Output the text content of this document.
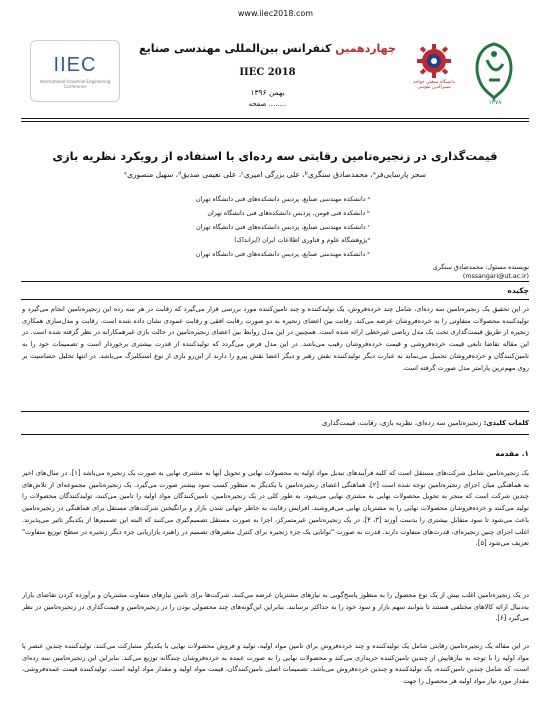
www.iiec2018.com
IIEC
International Industrial Engineering Conference
چهاردهمین کنفرانس بین‌المللی مهندسی صنایع
IIEC 2018
بهمن ۱۳۹۶
صفحه ........
دانشگاه صنعتی خواجه نصیرالدین طوسی
۱۳۷۸
قیمت‌گذاری در زنجیره‌تامین رقابتی سه رده‌ای با استفاده از رویکرد نظریه بازی
سحر پارسایی‌فرᵃ، محمدصادق سنگریᵇ، علی بزرگی امیریᶜ، علی نعیمی صدیقᵈ، سهیل منصوریᵉ
ᵃ دانشکده مهندسی صنایع، پردیس دانشکده‌های فنی دانشگاه تهران
ᵇ دانشکده فنی فومن، پردیس دانشکده‌های فنی دانشگاه تهران
ᶜ دانشکده مهندسی صنایع، پردیس دانشکده‌های فنی دانشگاه تهران
ᵈپژوهشگاه علوم و فناوری اطلاعات ایران (ایرانداک)
ᵉ دانشکده مهندسی صنایع، پردیس دانشکده‌های فنی دانشگاه تهران
نویسنده مسئول: محمدصادق سنگری
(mssangari@ut.ac.ir)
چکیده
در این تحقیق یک زنجیره‌تامین سه رده‌ای، شامل چند خرده‌فروش، یک تولیدکننده و چند تامین‌کننده مورد بررسی قرار می‌گیرد که رقابت در هر سه رده این زنجیره‌تامین انجام می‌گیرد و تولیدکننده محصولات متفاوتی را به خرده‌فروشان عرضه می‌کند. رقابت بین اعضای زنجیره به دو صورت رقابت افقی و رقابت عمودی نشان داده شده است. رقابت و مدل‌سازی همکاری زنجیره از طریق قیمت‌گذاری تحت یک مدل ریاضی غیرخطی ارائه شده است. همچنین در این مدل روابط بین اعضای زنجیره‌تامین در حالت بازی غیرهمکارانه در نظر گرفته شده است. در این مقاله تقاضا تابعی قیمت خرده‌فروشی و قیمت خرده‌فروشان رقیب می‌باشد. در این مدل فرض می‌گردد که تولیدکننده از قدرت بیشتری برخوردار است و تصمیمات خود را به تامین‌کنندگان و خرده‌فروشان تحمیل می‌نماید به عبارت دیگر تولیدکننده نقش رهبر و دیگر اعضا نقش پیرو را دارند از این‌رو بازی از نوع استکلبرگ می‌باشد. در انتها تحلیل حساسیت بر روی مهم‌ترین پارامتر مدل صورت گرفته است.
کلمات کلیدی: زنجیره‌تامین سه رده‌ای، نظریه بازی، رقابت، قیمت‌گذاری
۱. مقدمه
یک زنجیره‌تامین شامل شرکت‌های مستقل است که کلیه فرآیندهای تبدیل مواد اولیه به محصولات نهایی و تحویل آنها به مشتری نهایی به صورت یک زنجیره می‌باشد [۱]. در سال‌های اخیر به هماهنگی میان اجزای زنجیره‌تامین توجه شده است [۲]. هماهنگی اعضای زنجیره‌تامین با یکدیگر به منظور کسب سود بیشتر صورت می‌گیرد. یک زنجیره‌تامین مجموعه‌ای از تلاش‌های چندین شرکت است که منجر به تحویل محصولات نهایی به مشتری نهایی می‌شود. به طور کلی در یک زنجیره‌تامین، تامین‌کنندگان مواد اولیه را تامین می‌کنند، تولیدکنندگان محصولات را تولید می‌کنند و خرده‌فروشان محصولات نهایی را به مشتریان نهایی می‌فروشند. افزایش رقابت به خاطر جهانی شدن بازار و برانگیختن شرکت‌های مستقل برای هماهنگی در زنجیره‌تامین باعث می‌شود تا سود متقابل بیشتری را بدست آورند [۳، ۴]. در یک زنجیره‌تامین غیرمتمرکز، اجزا به صورت مستقل تصمیم‌گیری می‌کنند که البته این تصمیم‌ها از یکدیگر تاثیر می‌پذیرند. اغلب اجزای چنین زنجیره‌ای، قدرت‌های متفاوت دارند. قدرت به صورت "توانایی یک جزء زنجیره برای کنترل متغیرهای تصمیم در راهبرد بازاریابی جزء دیگر زنجیره در سطح توزیع متفاوت" تعریف می‌شود [۵].
در یک زنجیره‌تامین اغلب بیش از یک نوع محصول را به منظور پاسخ‌گویی به نیازهای مشتریان عرضه می‌کنند. شرکت‌ها برای تامین نیازهای متفاوت مشتریان و برآورده کردن تقاضای بازار به‌دنبال ارائه کالاهای مختلفی هستند تا بتوانند سهم بازار و سود خود را به حداکثر برسانند. بنابراین این‌گونه‌های چند محصولی بودن را در زنجیره‌تامین و قیمت‌گذاری در زنجیره‌تامین در نظر می‌گیرد [۶].
در این مقاله یک زنجیره‌تامین رقابتی شامل یک تولیدکننده و چند خرده‌فروش برای تامین مواد اولیه، تولید و فروش محصولات نهایی با یکدیگر مشارکت می‌کنند. تولیدکننده چندین عنصر یا مواد اولیه را با توجه به نیازهایش از چندین تامین‌کننده خریداری می‌کند و محصولات نهایی را به صورت عمده به خرده‌فروشان چندگانه توزیع می‌کند. بنابراین این زنجیره‌تامین سه رده‌ای است، که شامل چندین تامین‌کننده، یک تولیدکننده و چندین خرده‌فروش می‌باشد. تصمیمات اصلی تامین‌کنندگان، قیمت مواد اولیه و مقدار مواد اولیه است. تولیدکننده قیمت عمده‌فروشی، مقدار مورد نیاز مواد اولیه هر محصول را جهت
